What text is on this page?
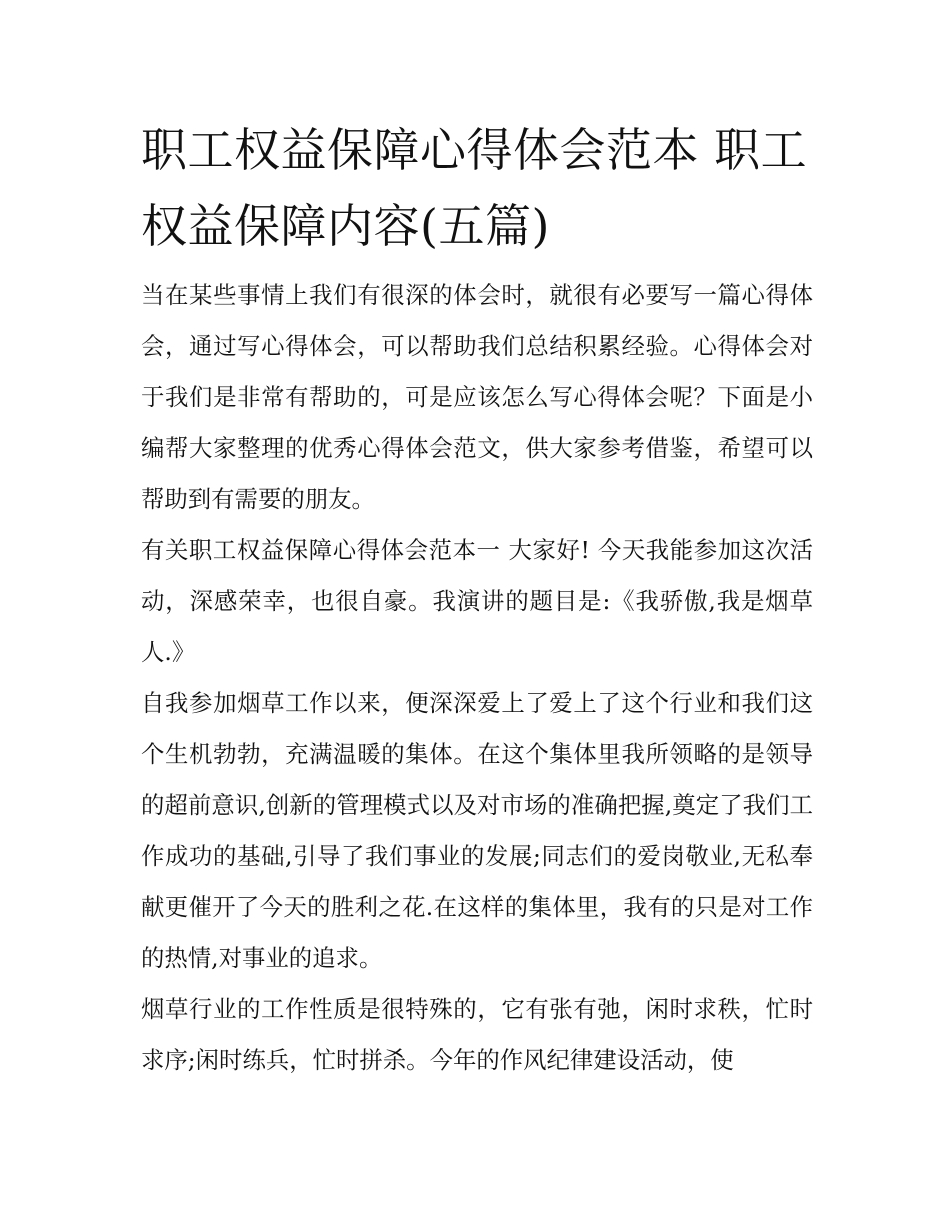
职工权益保障心得体会范本 职工权益保障内容(五篇)

当在某些事情上我们有很深的体会时，就很有必要写一篇心得体会，通过写心得体会，可以帮助我们总结积累经验。心得体会对于我们是非常有帮助的，可是应该怎么写心得体会呢？下面是小编帮大家整理的优秀心得体会范文，供大家参考借鉴，希望可以帮助到有需要的朋友。

有关职工权益保障心得体会范本一 大家好! 今天我能参加这次活动，深感荣幸，也很自豪。我演讲的题目是:《我骄傲,我是烟草人.》

自我参加烟草工作以来，便深深爱上了爱上了这个行业和我们这个生机勃勃，充满温暖的集体。在这个集体里我所领略的是领导的超前意识,创新的管理模式以及对市场的准确把握,奠定了我们工作成功的基础,引导了我们事业的发展;同志们的爱岗敬业,无私奉献更催开了今天的胜利之花.在这样的集体里，我有的只是对工作的热情,对事业的追求。

烟草行业的工作性质是很特殊的，它有张有弛，闲时求秩，忙时求序;闲时练兵，忙时拼杀。今年的作风纪律建设活动，使
